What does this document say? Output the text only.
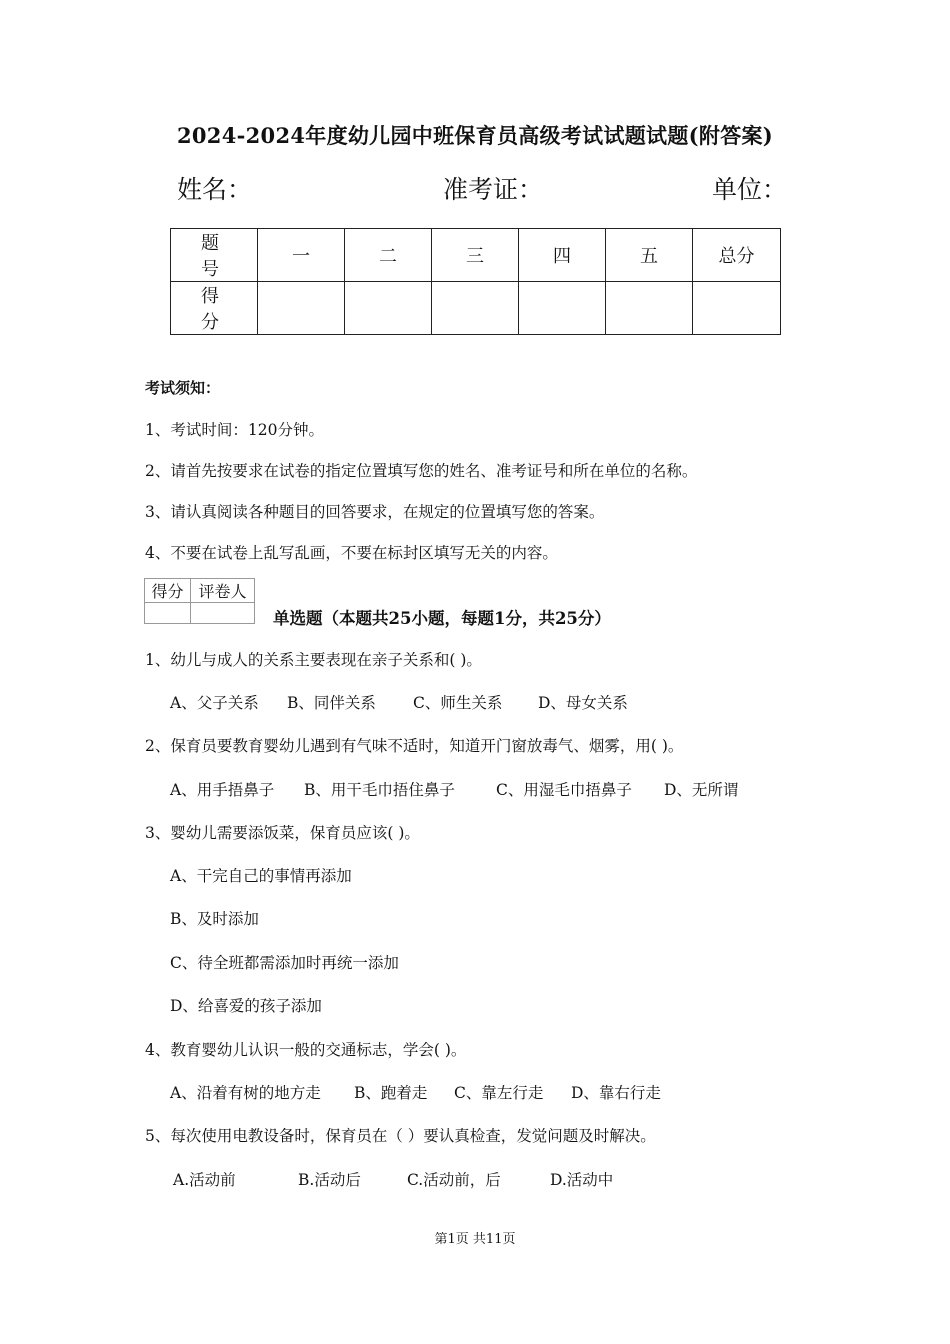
2024-2024年度幼儿园中班保育员高级考试试题试题(附答案)
姓名：	准考证：	单位：
题 号	一	二	三	四	五	总分
得 分						
考试须知：
1、考试时间：120分钟。
2、请首先按要求在试卷的指定位置填写您的姓名、准考证号和所在单位的名称。
3、请认真阅读各种题目的回答要求，在规定的位置填写您的答案。
4、不要在试卷上乱写乱画，不要在标封区填写无关的内容。
得分	评卷人

单选题（本题共25小题，每题1分，共25分）
1、幼儿与成人的关系主要表现在亲子关系和( )。
A、父子关系 B、同伴关系 C、师生关系 D、母女关系
2、保育员要教育婴幼儿遇到有气味不适时，知道开门窗放毒气、烟雾，用( )。
A、用手捂鼻子 B、用干毛巾捂住鼻子	C、用湿毛巾捂鼻子 D、无所谓
3、婴幼儿需要添饭菜，保育员应该( )。
A、干完自己的事情再添加
B、及时添加
C、待全班都需添加时再统一添加
D、给喜爱的孩子添加
4、教育婴幼儿认识一般的交通标志，学会( )。
A、沿着有树的地方走 B、跑着走 C、靠左行走 D、靠右行走
5、每次使用电教设备时，保育员在（ ）要认真检查，发觉问题及时解决。
A.活动前	B.活动后	C.活动前，后	D.活动中
第1页 共11页
